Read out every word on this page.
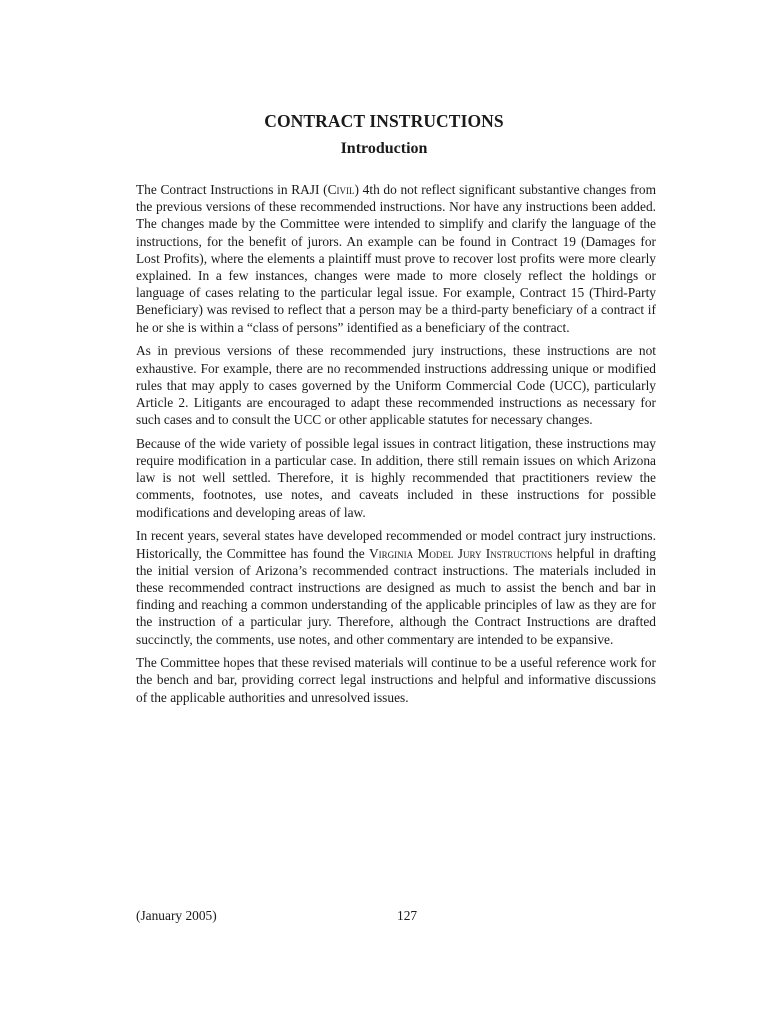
CONTRACT INSTRUCTIONS
Introduction

The Contract Instructions in RAJI (Civil) 4th do not reflect significant substantive changes from the previous versions of these recommended instructions. Nor have any instructions been added. The changes made by the Committee were intended to simplify and clarify the language of the instructions, for the benefit of jurors. An example can be found in Contract 19 (Damages for Lost Profits), where the elements a plaintiff must prove to recover lost profits were more clearly explained. In a few instances, changes were made to more closely reflect the holdings or language of cases relating to the particular legal issue. For example, Contract 15 (Third-Party Beneficiary) was revised to reflect that a person may be a third-party beneficiary of a contract if he or she is within a “class of persons” identified as a beneficiary of the contract.

As in previous versions of these recommended jury instructions, these instructions are not exhaustive. For example, there are no recommended instructions addressing unique or modified rules that may apply to cases governed by the Uniform Commercial Code (UCC), particularly Article 2. Litigants are encouraged to adapt these recommended instructions as necessary for such cases and to consult the UCC or other applicable statutes for necessary changes.

Because of the wide variety of possible legal issues in contract litigation, these instructions may require modification in a particular case. In addition, there still remain issues on which Arizona law is not well settled. Therefore, it is highly recommended that practitioners review the comments, footnotes, use notes, and caveats included in these instructions for possible modifications and developing areas of law.

In recent years, several states have developed recommended or model contract jury instructions. Historically, the Committee has found the Virginia Model Jury Instructions helpful in drafting the initial version of Arizona’s recommended contract instructions. The materials included in these recommended contract instructions are designed as much to assist the bench and bar in finding and reaching a common understanding of the applicable principles of law as they are for the instruction of a particular jury. Therefore, although the Contract Instructions are drafted succinctly, the comments, use notes, and other commentary are intended to be expansive.

The Committee hopes that these revised materials will continue to be a useful reference work for the bench and bar, providing correct legal instructions and helpful and informative discussions of the applicable authorities and unresolved issues.

(January 2005)	127
